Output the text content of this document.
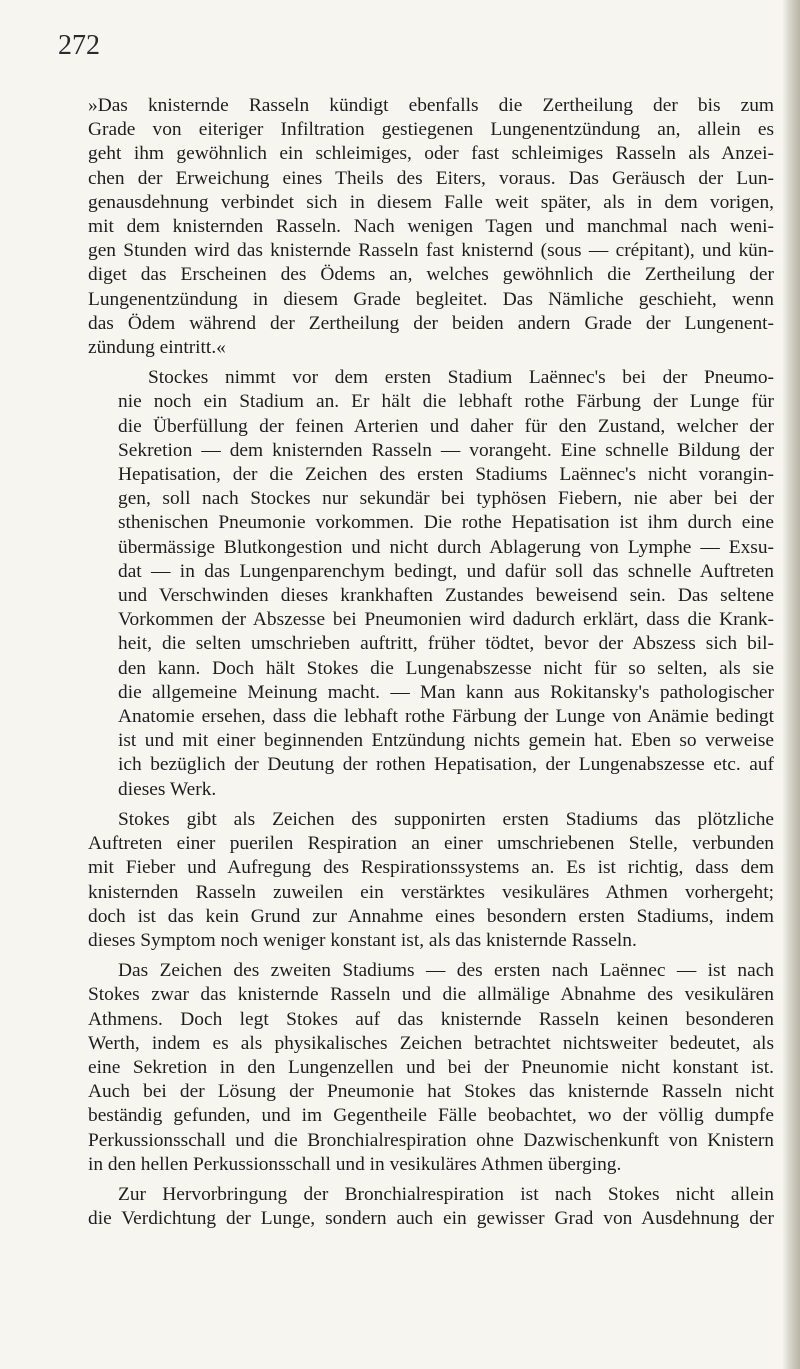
272
»Das knisternde Rasseln kündigt ebenfalls die Zertheilung der bis zum
Grade von eiteriger Infiltration gestiegenen Lungenentzündung an, allein es
geht ihm gewöhnlich ein schleimiges, oder fast schleimiges Rasseln als Anzei-
chen der Erweichung eines Theils des Eiters, voraus. Das Geräusch der Lun-
genausdehnung verbindet sich in diesem Falle weit später, als in dem vorigen,
mit dem knisternden Rasseln. Nach wenigen Tagen und manchmal nach weni-
gen Stunden wird das knisternde Rasseln fast knisternd (sous — crépitant), und kün-
diget das Erscheinen des Ödems an, welches gewöhnlich die Zertheilung der
Lungenentzündung in diesem Grade begleitet. Das Nämliche geschieht, wenn
das Ödem während der Zertheilung der beiden andern Grade der Lungenent-
zündung eintritt.«
Stockes nimmt vor dem ersten Stadium Laënnec's bei der Pneumo-
nie noch ein Stadium an. Er hält die lebhaft rothe Färbung der Lunge für
die Überfüllung der feinen Arterien und daher für den Zustand, welcher der
Sekretion — dem knisternden Rasseln — vorangeht. Eine schnelle Bildung der
Hepatisation, der die Zeichen des ersten Stadiums Laënnec's nicht vorangin-
gen, soll nach Stockes nur sekundär bei typhösen Fiebern, nie aber bei der
sthenischen Pneumonie vorkommen. Die rothe Hepatisation ist ihm durch eine
übermässige Blutkongestion und nicht durch Ablagerung von Lymphe — Exsu-
dat — in das Lungenparenchym bedingt, und dafür soll das schnelle Auftreten
und Verschwinden dieses krankhaften Zustandes beweisend sein. Das seltene
Vorkommen der Abszesse bei Pneumonien wird dadurch erklärt, dass die Krank-
heit, die selten umschrieben auftritt, früher tödtet, bevor der Abszess sich bil-
den kann. Doch hält Stokes die Lungenabszesse nicht für so selten, als sie
die allgemeine Meinung macht. — Man kann aus Rokitansky's pathologischer
Anatomie ersehen, dass die lebhaft rothe Färbung der Lunge von Anämie bedingt
ist und mit einer beginnenden Entzündung nichts gemein hat. Eben so verweise
ich bezüglich der Deutung der rothen Hepatisation, der Lungenabszesse etc. auf
dieses Werk.
Stokes gibt als Zeichen des supponirten ersten Stadiums das plötzliche
Auftreten einer puerilen Respiration an einer umschriebenen Stelle, verbunden
mit Fieber und Aufregung des Respirationssystems an. Es ist richtig, dass dem
knisternden Rasseln zuweilen ein verstärktes vesikuläres Athmen vorhergeht;
doch ist das kein Grund zur Annahme eines besondern ersten Stadiums, indem
dieses Symptom noch weniger konstant ist, als das knisternde Rasseln.
Das Zeichen des zweiten Stadiums — des ersten nach Laënnec — ist nach
Stokes zwar das knisternde Rasseln und die allmälige Abnahme des vesikulären
Athmens. Doch legt Stokes auf das knisternde Rasseln keinen besonderen
Werth, indem es als physikalisches Zeichen betrachtet nichtsweiter bedeutet, als
eine Sekretion in den Lungenzellen und bei der Pneunomie nicht konstant ist.
Auch bei der Lösung der Pneumonie hat Stokes das knisternde Rasseln nicht
beständig gefunden, und im Gegentheile Fälle beobachtet, wo der völlig dumpfe
Perkussionsschall und die Bronchialrespiration ohne Dazwischenkunft von Knistern
in den hellen Perkussionsschall und in vesikuläres Athmen überging.
Zur Hervorbringung der Bronchialrespiration ist nach Stokes nicht allein
die Verdichtung der Lunge, sondern auch ein gewisser Grad von Ausdehnung der
